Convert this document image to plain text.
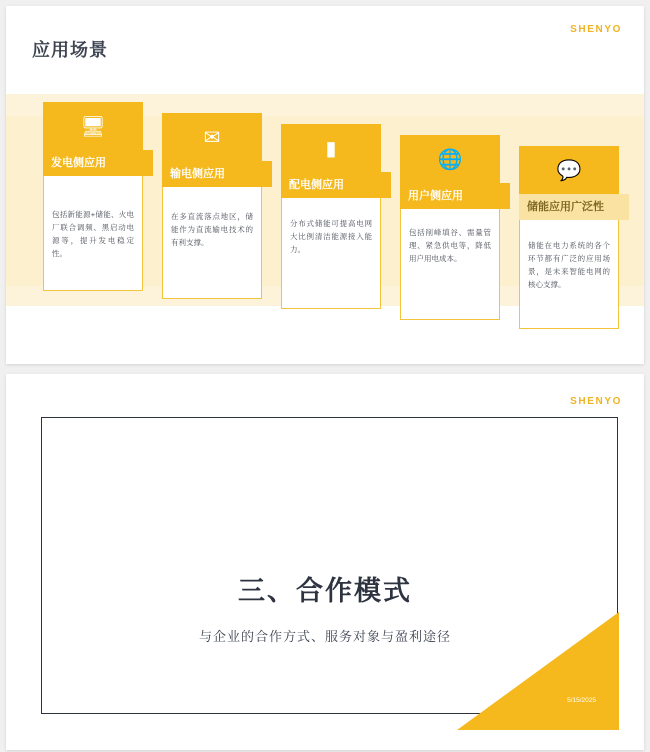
应用场景
SHENYO
🖥
发电侧应用
包括新能源+储能、火电厂联合调频、黑启动电源等，提升发电稳定性。
✉
输电侧应用
在多直流落点地区，储能作为直流输电技术的有利支撑。
▮
配电侧应用
分布式储能可提高电网大比例清洁能源接入能力。
🌐
用户侧应用
包括削峰填谷、需量管理、紧急供电等，降低用户用电成本。
💬
储能应用广泛性
储能在电力系统的各个环节都有广泛的应用场景，是未来智能电网的核心支撑。
SHENYO
三、合作模式
与企业的合作方式、服务对象与盈利途径
5/15/2025
